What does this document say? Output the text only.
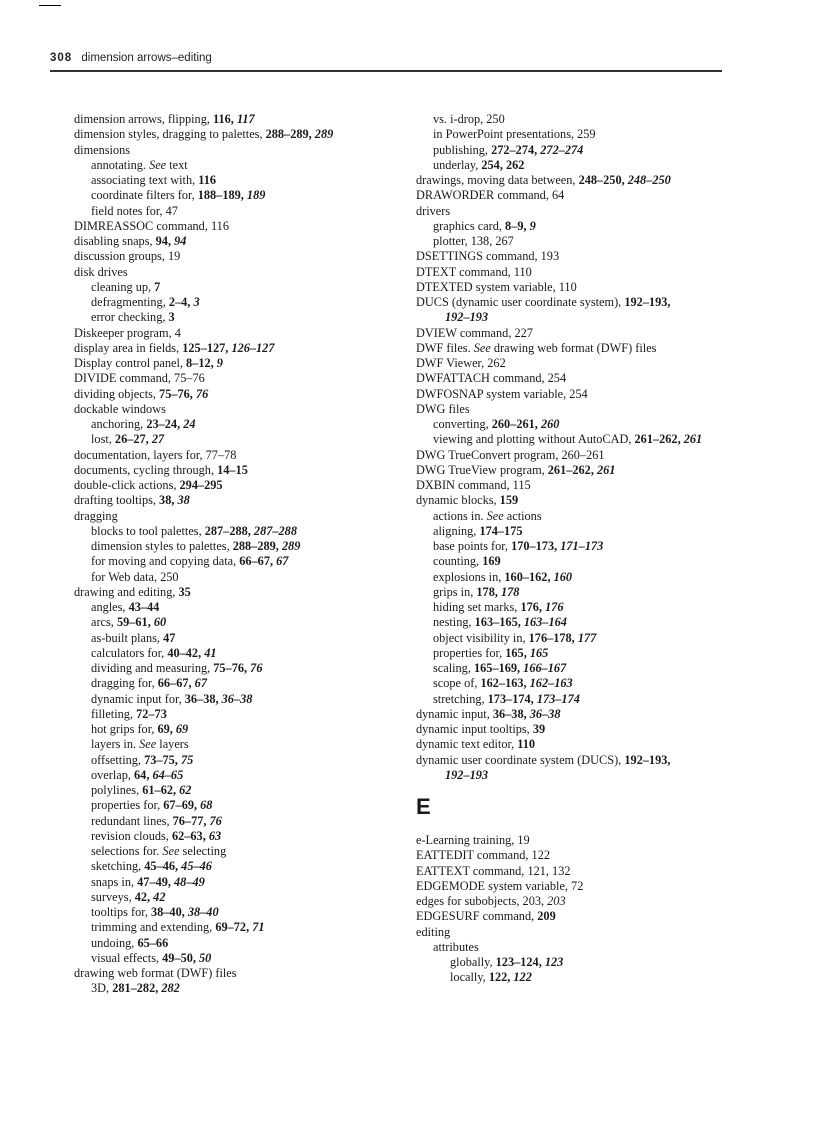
308 dimension arrows–editing
dimension arrows, flipping, 116, 117
dimension styles, dragging to palettes, 288–289, 289
dimensions
annotating. See text
associating text with, 116
coordinate filters for, 188–189, 189
field notes for, 47
DIMREASSOC command, 116
disabling snaps, 94, 94
discussion groups, 19
disk drives
cleaning up, 7
defragmenting, 2–4, 3
error checking, 3
Diskeeper program, 4
display area in fields, 125–127, 126–127
Display control panel, 8–12, 9
DIVIDE command, 75–76
dividing objects, 75–76, 76
dockable windows
anchoring, 23–24, 24
lost, 26–27, 27
documentation, layers for, 77–78
documents, cycling through, 14–15
double-click actions, 294–295
drafting tooltips, 38, 38
dragging
blocks to tool palettes, 287–288, 287–288
dimension styles to palettes, 288–289, 289
for moving and copying data, 66–67, 67
for Web data, 250
drawing and editing, 35
angles, 43–44
arcs, 59–61, 60
as-built plans, 47
calculators for, 40–42, 41
dividing and measuring, 75–76, 76
dragging for, 66–67, 67
dynamic input for, 36–38, 36–38
filleting, 72–73
hot grips for, 69, 69
layers in. See layers
offsetting, 73–75, 75
overlap, 64, 64–65
polylines, 61–62, 62
properties for, 67–69, 68
redundant lines, 76–77, 76
revision clouds, 62–63, 63
selections for. See selecting
sketching, 45–46, 45–46
snaps in, 47–49, 48–49
surveys, 42, 42
tooltips for, 38–40, 38–40
trimming and extending, 69–72, 71
undoing, 65–66
visual effects, 49–50, 50
drawing web format (DWF) files
3D, 281–282, 282
vs. i-drop, 250
in PowerPoint presentations, 259
publishing, 272–274, 272–274
underlay, 254, 262
drawings, moving data between, 248–250, 248–250
DRAWORDER command, 64
drivers
graphics card, 8–9, 9
plotter, 138, 267
DSETTINGS command, 193
DTEXT command, 110
DTEXTED system variable, 110
DUCS (dynamic user coordinate system), 192–193,
192–193
DVIEW command, 227
DWF files. See drawing web format (DWF) files
DWF Viewer, 262
DWFATTACH command, 254
DWFOSNAP system variable, 254
DWG files
converting, 260–261, 260
viewing and plotting without AutoCAD, 261–262, 261
DWG TrueConvert program, 260–261
DWG TrueView program, 261–262, 261
DXBIN command, 115
dynamic blocks, 159
actions in. See actions
aligning, 174–175
base points for, 170–173, 171–173
counting, 169
explosions in, 160–162, 160
grips in, 178, 178
hiding set marks, 176, 176
nesting, 163–165, 163–164
object visibility in, 176–178, 177
properties for, 165, 165
scaling, 165–169, 166–167
scope of, 162–163, 162–163
stretching, 173–174, 173–174
dynamic input, 36–38, 36–38
dynamic input tooltips, 39
dynamic text editor, 110
dynamic user coordinate system (DUCS), 192–193,
192–193
E
e-Learning training, 19
EATTEDIT command, 122
EATTEXT command, 121, 132
EDGEMODE system variable, 72
edges for subobjects, 203, 203
EDGESURF command, 209
editing
attributes
globally, 123–124, 123
locally, 122, 122
